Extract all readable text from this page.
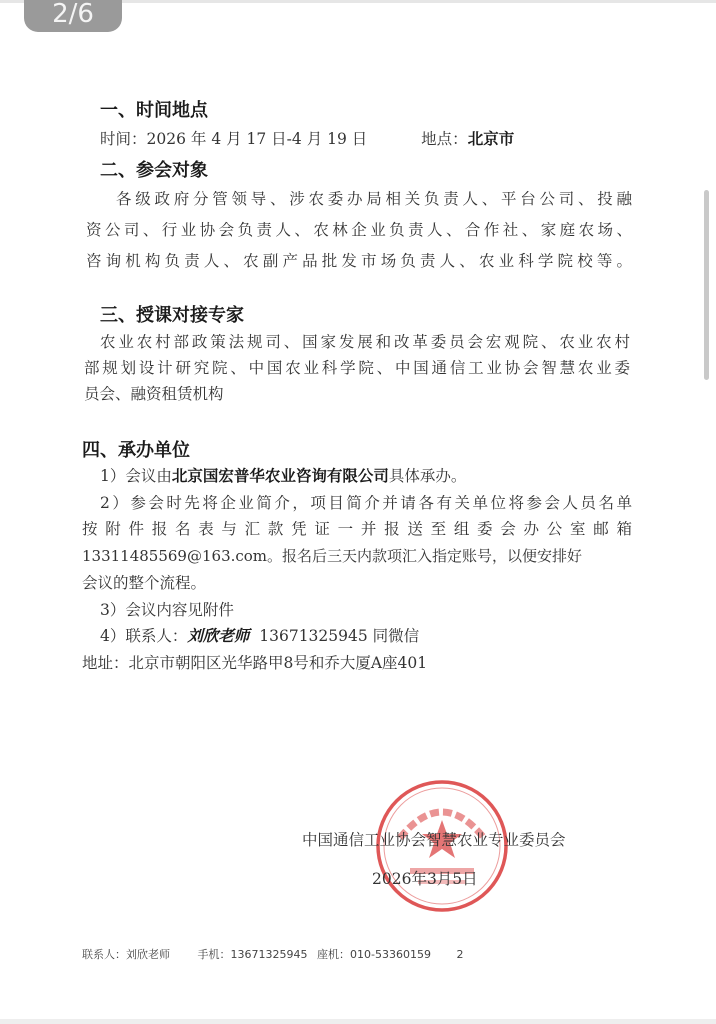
2/6
一、时间地点

时间：2026 年 4 月 17 日-4 月 19 日	地点：北京市

二、参会对象

各级政府分管领导、涉农委办局相关负责人、平台公司、投融

资公司、行业协会负责人、农林企业负责人、合作社、家庭农场、

咨询机构负责人、农副产品批发市场负责人、农业科学院校等。

三、授课对接专家

农业农村部政策法规司、国家发展和改革委员会宏观院、农业农村

部规划设计研究院、中国农业科学院、中国通信工业协会智慧农业委

员会、融资租赁机构

四、承办单位

1）会议由北京国宏普华农业咨询有限公司具体承办。

2）参会时先将企业简介，项目简介并请各有关单位将参会人员名单

按附件报名表与汇款凭证一并报送至组委会办公室邮箱

13311485569@163.com。报名后三天内款项汇入指定账号，以便安排好

会议的整个流程。

3）会议内容见附件

4）联系人：刘欣老师 13671325945 同微信

地址：北京市朝阳区光华路甲8号和乔大厦A座401

中国通信工业协会智慧农业专业委员会
2026年3月5日
联系人：刘欣老师	手机：13671325945 座机：010-53360159 2
